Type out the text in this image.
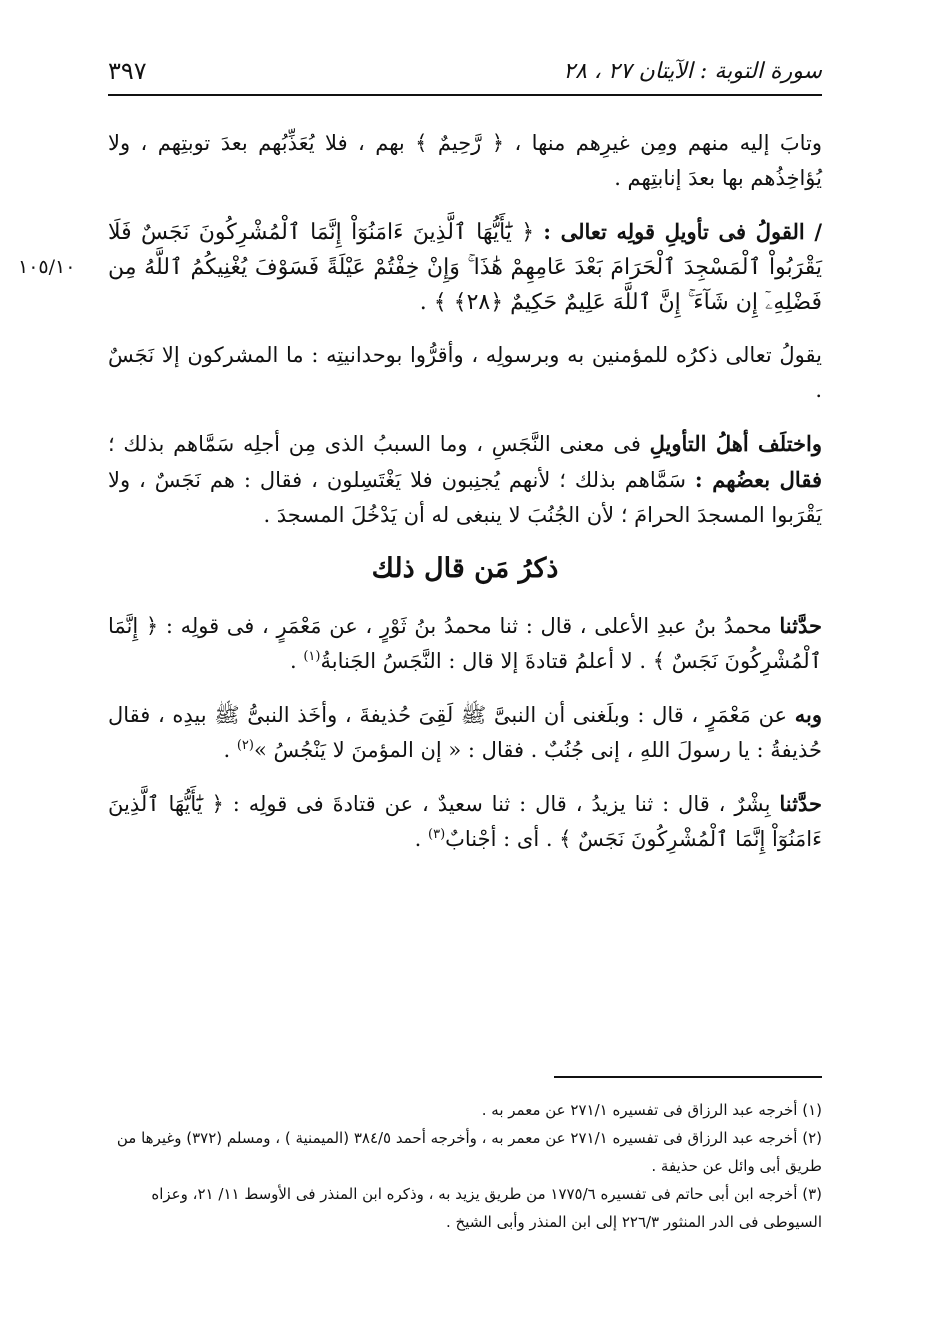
سورة التوبة : الآيتان ٢٧ ، ٢٨
٣٩٧
١٠٥/١٠

وتابَ إليه منهم ومِن غيرِهم منها ، ﴿ رَّحِيمٌ ﴾ بهم ، فلا يُعَذِّبُهم بعدَ توبتِهم ، ولا يُؤاخِذُهم بها بعدَ إنابتِهم .

/ القولُ فى تأويلِ قولِه تعالى : ﴿ يَٰٓأَيُّهَا ٱلَّذِينَ ءَامَنُوٓاْ إِنَّمَا ٱلْمُشْرِكُونَ نَجَسٌ فَلَا يَقْرَبُواْ ٱلْمَسْجِدَ ٱلْحَرَامَ بَعْدَ عَامِهِمْ هَٰذَا ۚ وَإِنْ خِفْتُمْ عَيْلَةً فَسَوْفَ يُغْنِيكُمُ ٱللَّهُ مِن فَضْلِهِۦٓ إِن شَآءَ ۚ إِنَّ ٱللَّهَ عَلِيمٌ حَكِيمٌ ﴿٢٨﴾ ﴾ .

يقولُ تعالى ذكرُه للمؤمنين به وبرسولِه ، وأقرُّوا بوحدانيتِه : ما المشركون إلا نَجَسٌ .

واختلَف أهلُ التأويلِ فى معنى النَّجَسِ ، وما السببُ الذى مِن أجلِه سَمَّاهم بذلك ؛ فقال بعضُهم : سَمَّاهم بذلك ؛ لأنهم يُجنِبون فلا يَغْتَسِلون ، فقال : هم نَجَسٌ ، ولا يَقْرَبوا المسجدَ الحرامَ ؛ لأن الجُنُبَ لا ينبغى له أن يَدْخُلَ المسجدَ .

ذكرُ مَن قال ذلك

حدَّثنا محمدُ بنُ عبدِ الأعلى ، قال : ثنا محمدُ بنُ ثَوْرٍ ، عن مَعْمَرٍ ، فى قولِه : ﴿ إِنَّمَا ٱلْمُشْرِكُونَ نَجَسٌ ﴾ . لا أعلمُ قتادةَ إلا قال : النَّجَسُ الجَنابةُ$^{(١)}$ .

وبه عن مَعْمَرٍ ، قال : وبلَغنى أن النبىَّ ﷺ لَقِىَ حُذيفةَ ، وأخَذ النبىُّ ﷺ بيدِه ، فقال حُذيفةُ : يا رسولَ اللهِ ، إنى جُنُبٌ . فقال : « إن المؤمنَ لا يَنْجُسُ »$^{(٢)}$ .

حدَّثنا بِشْرٌ ، قال : ثنا يزيدُ ، قال : ثنا سعيدٌ ، عن قتادةَ فى قولِه : ﴿ يَٰٓأَيُّهَا ٱلَّذِينَ ءَامَنُوٓاْ إِنَّمَا ٱلْمُشْرِكُونَ نَجَسٌ ﴾ . أى : أجْنابٌ$^{(٣)}$ .

(١) أخرجه عبد الرزاق فى تفسيره ٢٧١/١ عن معمر به .

(٢) أخرجه عبد الرزاق فى تفسيره ٢٧١/١ عن معمر به ، وأخرجه أحمد ٣٨٤/٥ (الميمنية ) ، ومسلم (٣٧٢) وغيرها من طريق أبى وائل عن حذيفة .

(٣) أخرجه ابن أبى حاتم فى تفسيره ١٧٧٥/٦ من طريق يزيد به ، وذكره ابن المنذر فى الأوسط ١١/ ٢١، وعزاه السيوطى فى الدر المنثور ٢٢٦/٣ إلى ابن المنذر وأبى الشيخ .
